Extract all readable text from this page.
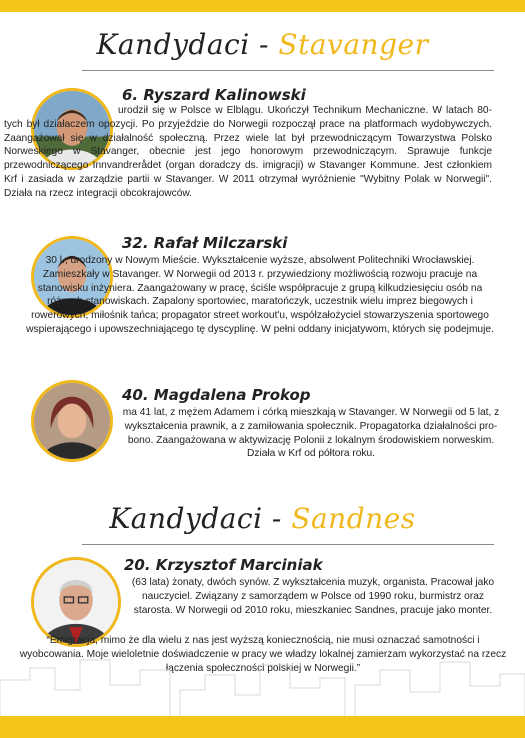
Kandydaci - Stavanger
6. Ryszard Kalinowski

urodził się w Polsce w Elblągu. Ukończył Technikum Mechaniczne. W latach 80-tych był działaczem opozycji. Po przyjeździe do Norwegii rozpoczął prace na platformach wydobywczych. Zaangażował się w działalność społeczną. Przez wiele lat był przewodniczącym Towarzystwa Polsko Norweskiego w Stavanger, obecnie jest jego honorowym przewodniczącym. Sprawuje funkcje przewodniczącego Innvandrerådet (organ doradczy ds. imigracji) w Stavanger Kommune. Jest członkiem Krf i zasiada w zarządzie partii w Stavanger. W 2011 otrzymał wyróżnienie "Wybitny Polak w Norwegii". Działa na rzecz integracji obcokrajowców.

32. Rafał Milczarski

30 l., urodzony w Nowym Mieście. Wykształcenie wyższe, absolwent Politechniki Wrocławskiej. Zamieszkały w Stavanger. W Norwegii od 2013 r. przywiedziony możliwością rozwoju pracuje na stanowisku inżyniera. Zaangażowany w pracę, ściśle współpracuje z grupą kilkudziesięciu osób na różnych stanowiskach. Zapalony sportowiec, maratończyk, uczestnik wielu imprez biegowych i rowerowych, miłośnik tańca; propagator street workout'u, współzałożyciel stowarzyszenia sportowego wspierającego i upowszechniającego tę dyscyplinę. W pełni oddany inicjatywom, których się podejmuje.

40. Magdalena Prokop

ma 41 lat, z mężem Adamem i córką mieszkają w Stavanger. W Norwegii od 5 lat, z wykształcenia prawnik, a z zamiłowania społecznik. Propagatorka działalności pro-bono. Zaangażowana w aktywizację Polonii z lokalnym środowiskiem norweskim. Działa w Krf od półtora roku.

Kandydaci - Sandnes
20. Krzysztof Marciniak

(63 lata) żonaty, dwóch synów. Z wykształcenia muzyk, organista. Pracował jako nauczyciel. Związany z samorządem w Polsce od 1990 roku, burmistrz oraz starosta. W Norwegii od 2010 roku, mieszkaniec Sandnes, pracuje jako monter.

“Emigracja, mimo że dla wielu z nas jest wyższą koniecznością, nie musi oznaczać samotności i wyobcowania. Moje wieloletnie doświadczenie w pracy we władzy lokalnej zamierzam wykorzystać na rzecz łączenia społeczności polskiej w Norwegii.”
